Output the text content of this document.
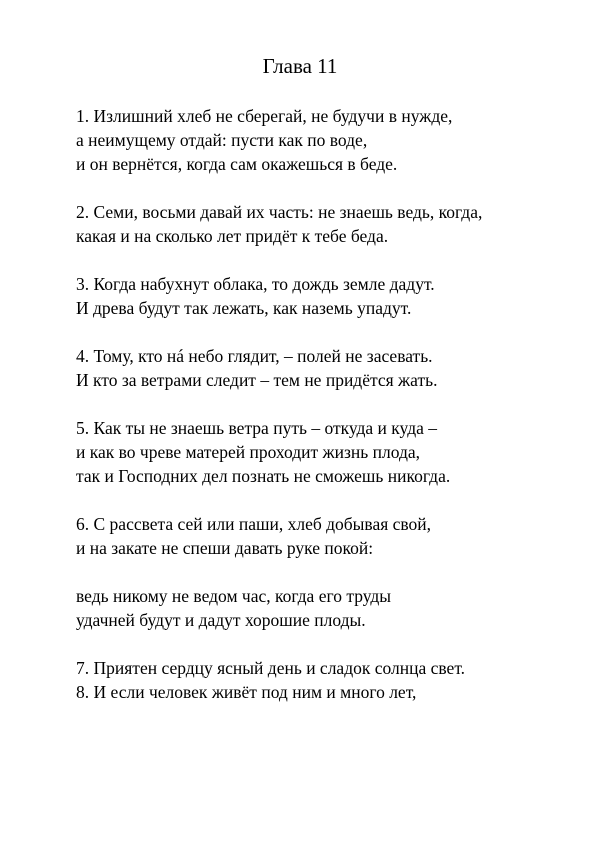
Глава 11
1. Излишний хлеб не сберегай, не будучи в нужде,
а неимущему отдай: пусти как по воде,
и он вернётся, когда сам окажешься в беде.
2. Семи, восьми давай их часть: не знаешь ведь, когда,
какая и на сколько лет придёт к тебе беда.
3. Когда набухнут облака, то дождь земле дадут.
И древа будут так лежать, как наземь упадут.
4. Тому, кто нá небо глядит, – полей не засевать.
И кто за ветрами следит – тем не придётся жать.
5. Как ты не знаешь ветра путь – откуда и куда –
и как во чреве матерей проходит жизнь плода,
так и Господних дел познать не сможешь никогда.
6. С рассвета сей или паши, хлеб добывая свой,
и на закате не спеши давать руке покой:
ведь никому не ведом час, когда его труды
удачней будут и дадут хорошие плоды.
7. Приятен сердцу ясный день и сладок солнца свет.
8. И если человек живёт под ним и много лет,
